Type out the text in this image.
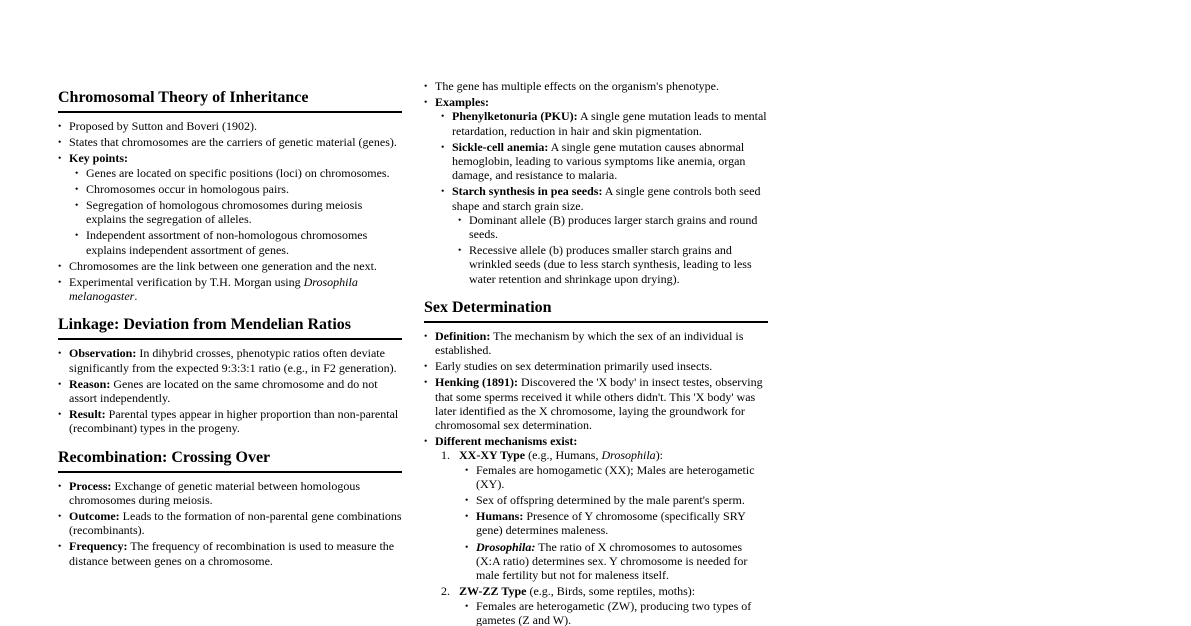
Chromosomal Theory of Inheritance
• Proposed by Sutton and Boveri (1902).
• States that chromosomes are the carriers of genetic material (genes).
• Key points:
• Genes are located on specific positions (loci) on chromosomes.
• Chromosomes occur in homologous pairs.
• Segregation of homologous chromosomes during meiosis explains the segregation of alleles.
• Independent assortment of non-homologous chromosomes explains independent assortment of genes.
• Chromosomes are the link between one generation and the next.
• Experimental verification by T.H. Morgan using Drosophila melanogaster.
Linkage: Deviation from Mendelian Ratios
• Observation: In dihybrid crosses, phenotypic ratios often deviate significantly from the expected 9:3:3:1 ratio (e.g., in F2 generation).
• Reason: Genes are located on the same chromosome and do not assort independently.
• Result: Parental types appear in higher proportion than non-parental (recombinant) types in the progeny.
Recombination: Crossing Over
• Process: Exchange of genetic material between homologous chromosomes during meiosis.
• Outcome: Leads to the formation of non-parental gene combinations (recombinants).
• Frequency: The frequency of recombination is used to measure the distance between genes on a chromosome.
• The gene has multiple effects on the organism's phenotype.
• Examples:
• Phenylketonuria (PKU): A single gene mutation leads to mental retardation, reduction in hair and skin pigmentation.
• Sickle-cell anemia: A single gene mutation causes abnormal hemoglobin, leading to various symptoms like anemia, organ damage, and resistance to malaria.
• Starch synthesis in pea seeds: A single gene controls both seed shape and starch grain size.
• Dominant allele (B) produces larger starch grains and round seeds.
• Recessive allele (b) produces smaller starch grains and wrinkled seeds (due to less starch synthesis, leading to less water retention and shrinkage upon drying).
Sex Determination
• Definition: The mechanism by which the sex of an individual is established.
• Early studies on sex determination primarily used insects.
• Henking (1891): Discovered the 'X body' in insect testes, observing that some sperms received it while others didn't. This 'X body' was later identified as the X chromosome, laying the groundwork for chromosomal sex determination.
• Different mechanisms exist:
1. XX-XY Type (e.g., Humans, Drosophila):
• Females are homogametic (XX); Males are heterogametic (XY).
• Sex of offspring determined by the male parent's sperm.
• Humans: Presence of Y chromosome (specifically SRY gene) determines maleness.
• Drosophila: The ratio of X chromosomes to autosomes (X:A ratio) determines sex. Y chromosome is needed for male fertility but not for maleness itself.
2. ZW-ZZ Type (e.g., Birds, some reptiles, moths):
• Females are heterogametic (ZW), producing two types of gametes (Z and W).
